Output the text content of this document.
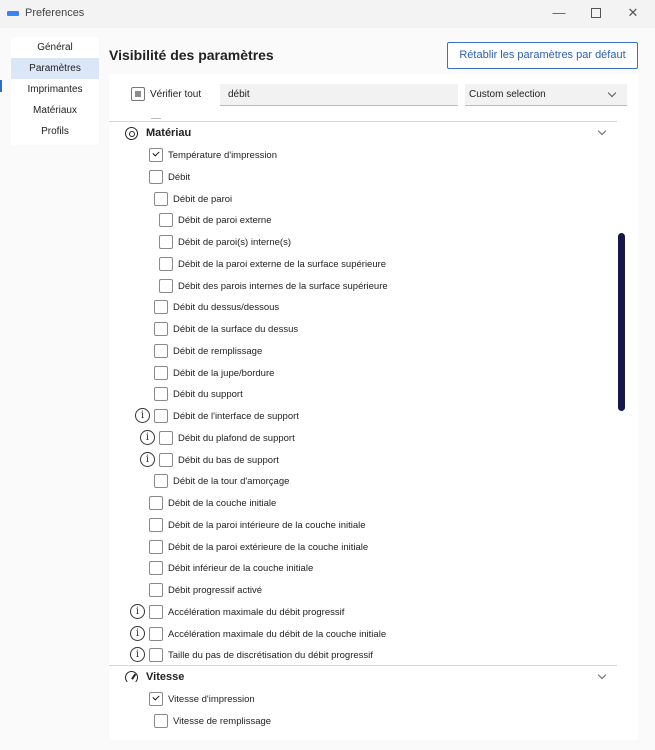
Preferences	—	✕
Général
Paramètres
Imprimantes
Matériaux
Profils
Visibilité des paramètres	Rétablir les paramètres par défaut
Vérifier tout
débit	Custom selection
Matériau
Température d'impression
Débit
Débit de paroi
Débit de paroi externe
Débit de paroi(s) interne(s)
Débit de la paroi externe de la surface supérieure
Débit des parois internes de la surface supérieure
Débit du dessus/dessous
Débit de la surface du dessus
Débit de remplissage
Débit de la jupe/bordure
Débit du support
i	Débit de l'interface de support
i	Débit du plafond de support
i	Débit du bas de support
Débit de la tour d'amorçage
Débit de la couche initiale
Débit de la paroi intérieure de la couche initiale
Débit de la paroi extérieure de la couche initiale
Débit inférieur de la couche initiale
Débit progressif activé
i	Accélération maximale du débit progressif
i	Accélération maximale du débit de la couche initiale
i	Taille du pas de discrétisation du débit progressif
Vitesse
Vitesse d'impression
Vitesse de remplissage
